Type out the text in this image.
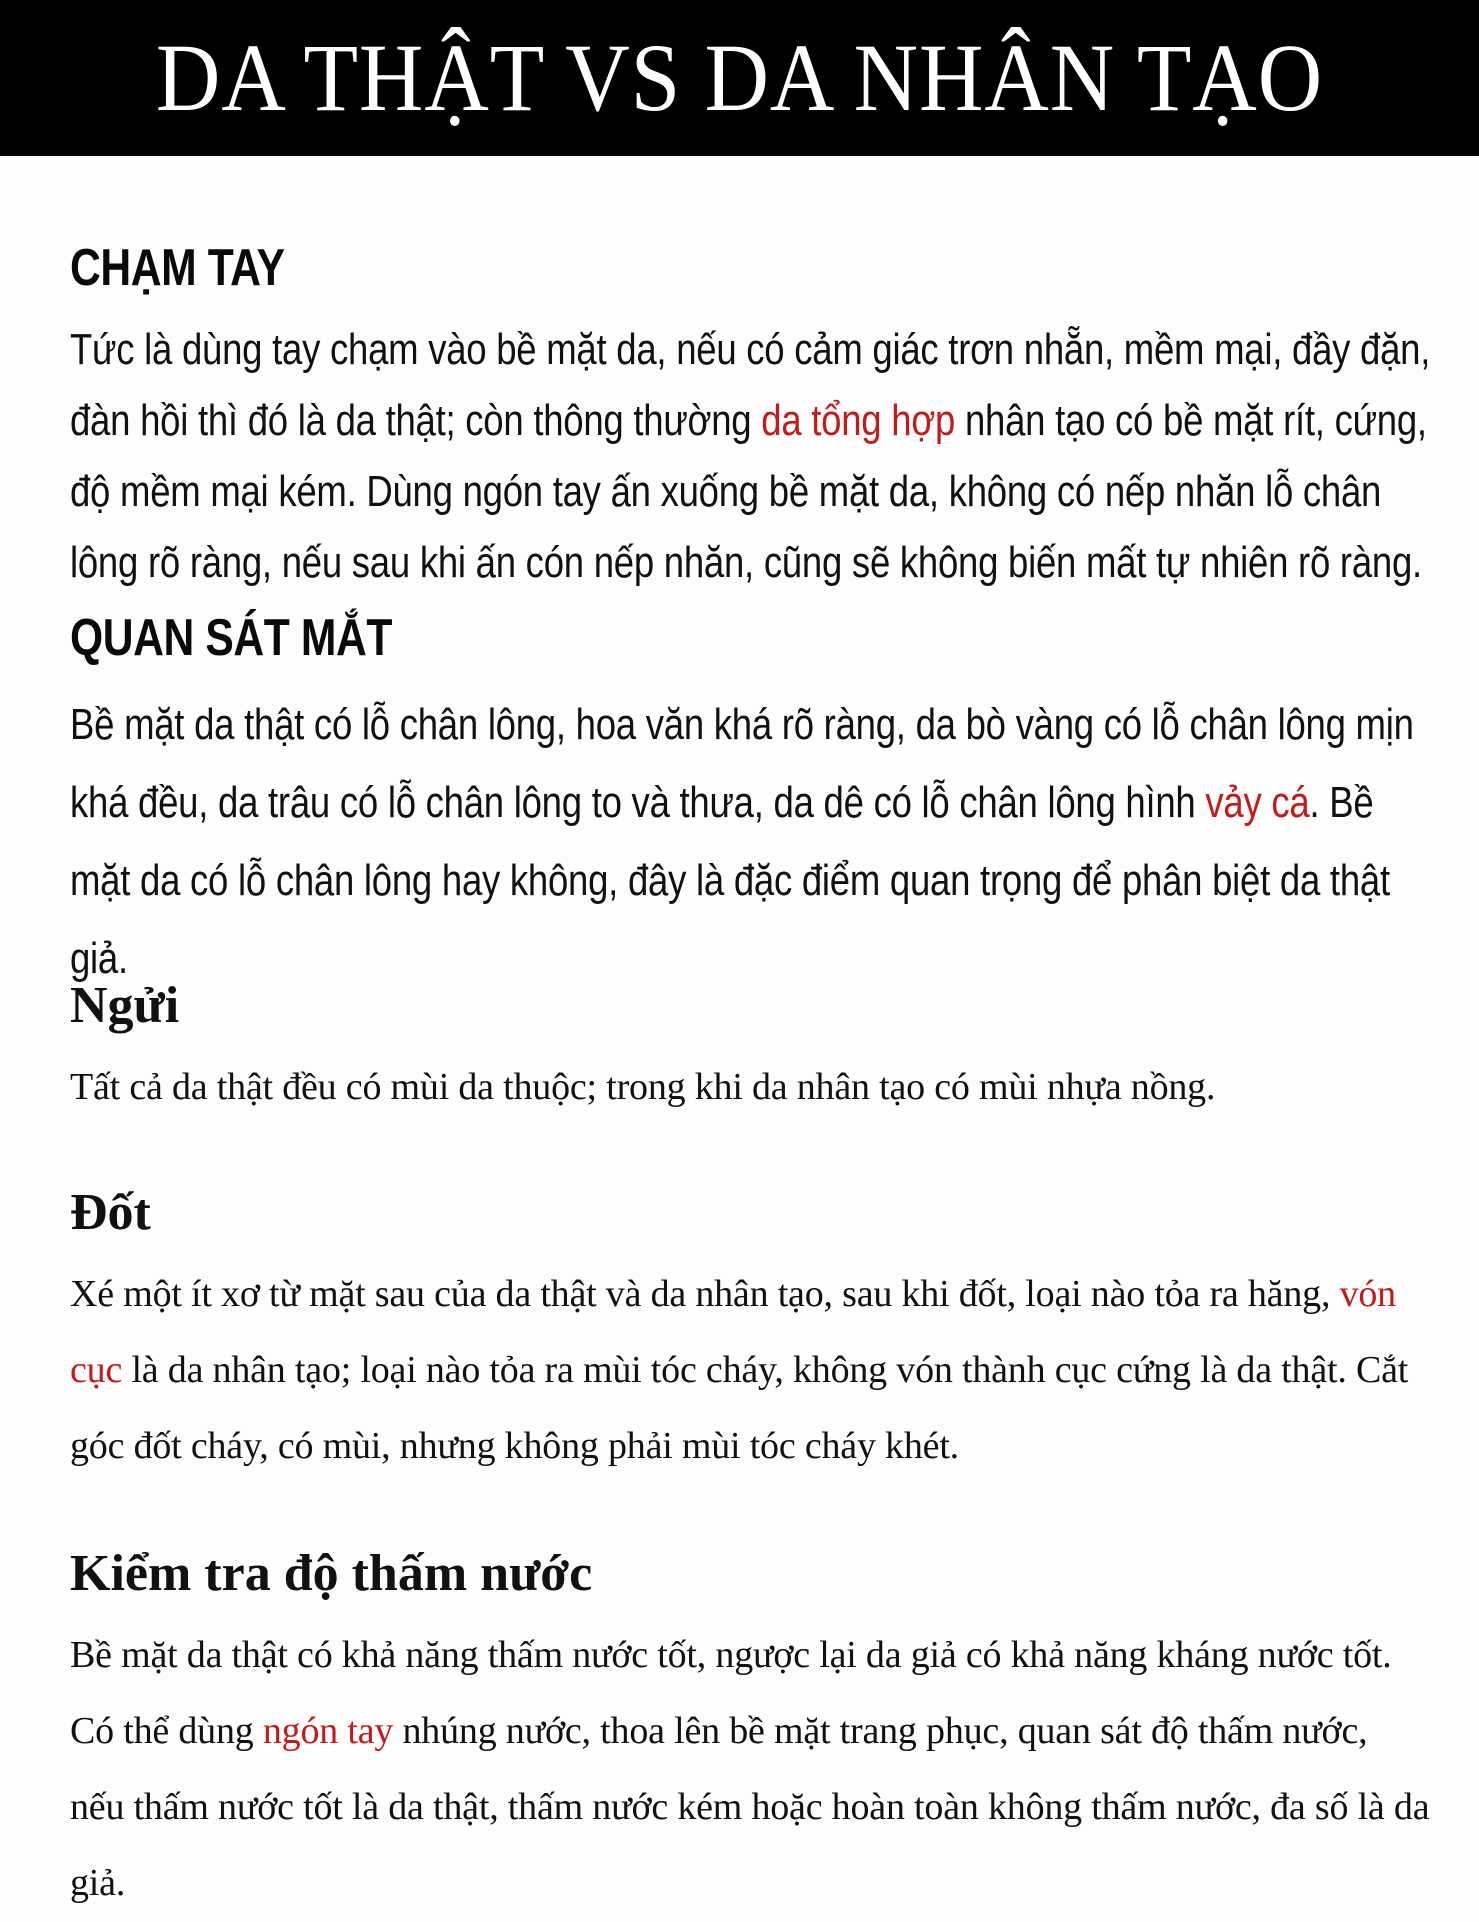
DA THẬT VS DA NHÂN TẠO
CHẠM TAY

Tức là dùng tay chạm vào bề mặt da, nếu có cảm giác trơn nhẵn, mềm mại, đầy đặn, đàn hồi thì đó là da thật; còn thông thường da tổng hợp nhân tạo có bề mặt rít, cứng, độ mềm mại kém. Dùng ngón tay ấn xuống bề mặt da, không có nếp nhăn lỗ chân lông rõ ràng, nếu sau khi ấn cón nếp nhăn, cũng sẽ không biến mất tự nhiên rõ ràng.

QUAN SÁT MẮT

Bề mặt da thật có lỗ chân lông, hoa văn khá rõ ràng, da bò vàng có lỗ chân lông mịn khá đều, da trâu có lỗ chân lông to và thưa, da dê có lỗ chân lông hình vảy cá. Bề mặt da có lỗ chân lông hay không, đây là đặc điểm quan trọng để phân biệt da thật giả.

Ngửi

Tất cả da thật đều có mùi da thuộc; trong khi da nhân tạo có mùi nhựa nồng.

Đốt

Xé một ít xơ từ mặt sau của da thật và da nhân tạo, sau khi đốt, loại nào tỏa ra hăng, vón cục là da nhân tạo; loại nào tỏa ra mùi tóc cháy, không vón thành cục cứng là da thật. Cắt góc đốt cháy, có mùi, nhưng không phải mùi tóc cháy khét.

Kiểm tra độ thấm nước

Bề mặt da thật có khả năng thấm nước tốt, ngược lại da giả có khả năng kháng nước tốt. Có thể dùng ngón tay nhúng nước, thoa lên bề mặt trang phục, quan sát độ thấm nước, nếu thấm nước tốt là da thật, thấm nước kém hoặc hoàn toàn không thấm nước, đa số là da giả.
